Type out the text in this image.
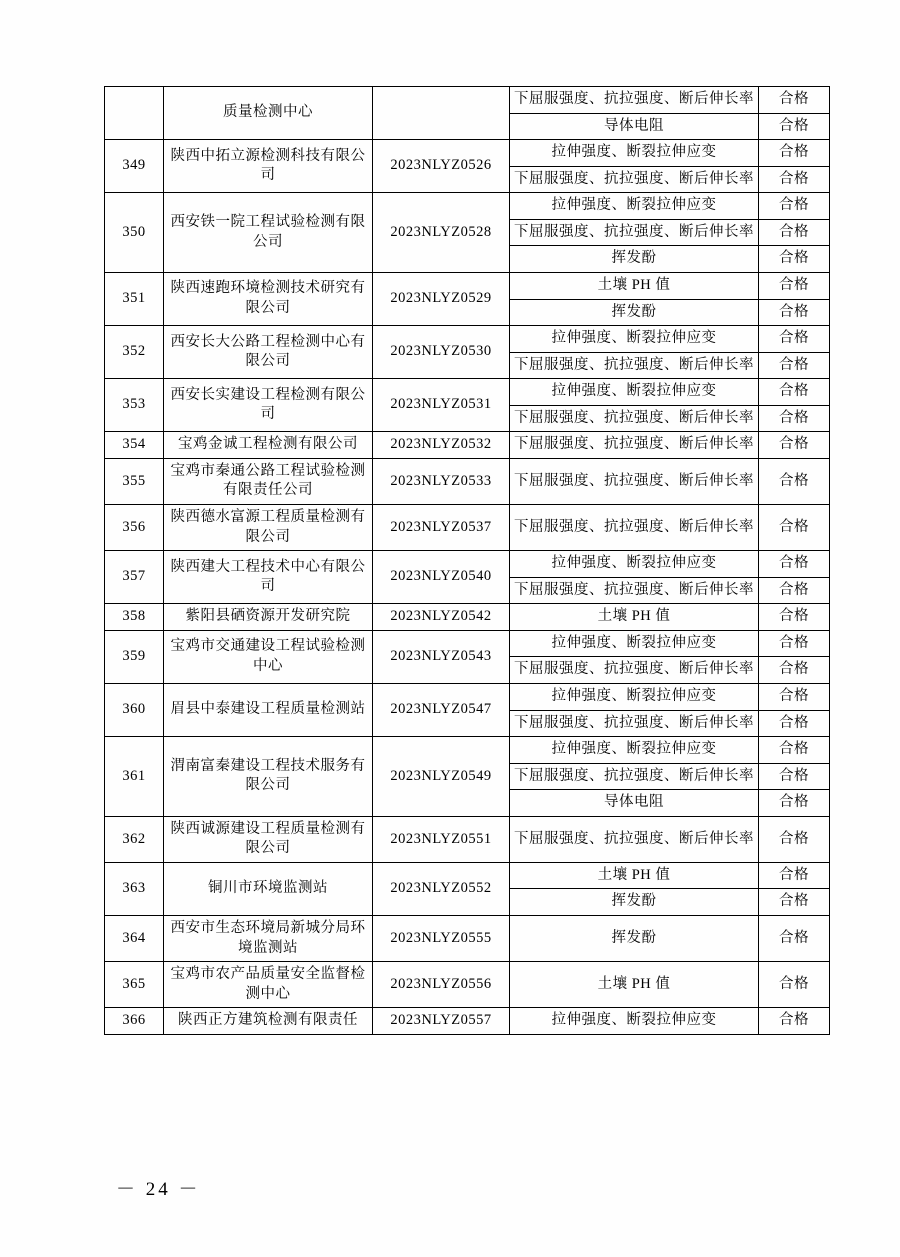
	质量检测中心		下屈服强度、抗拉强度、断后伸长率	合格
			导体电阻	合格
349	陕西中拓立源检测科技有限公司	2023NLYZ0526	拉伸强度、断裂拉伸应变	合格
			下屈服强度、抗拉强度、断后伸长率	合格
350	西安铁一院工程试验检测有限公司	2023NLYZ0528	拉伸强度、断裂拉伸应变	合格
			下屈服强度、抗拉强度、断后伸长率	合格
			挥发酚	合格
351	陕西速跑环境检测技术研究有限公司	2023NLYZ0529	土壤 PH 值	合格
			挥发酚	合格
352	西安长大公路工程检测中心有限公司	2023NLYZ0530	拉伸强度、断裂拉伸应变	合格
			下屈服强度、抗拉强度、断后伸长率	合格
353	西安长实建设工程检测有限公司	2023NLYZ0531	拉伸强度、断裂拉伸应变	合格
			下屈服强度、抗拉强度、断后伸长率	合格
354	宝鸡金诚工程检测有限公司	2023NLYZ0532	下屈服强度、抗拉强度、断后伸长率	合格
355	宝鸡市秦通公路工程试验检测有限责任公司	2023NLYZ0533	下屈服强度、抗拉强度、断后伸长率	合格
356	陕西德水富源工程质量检测有限公司	2023NLYZ0537	下屈服强度、抗拉强度、断后伸长率	合格
357	陕西建大工程技术中心有限公司	2023NLYZ0540	拉伸强度、断裂拉伸应变	合格
			下屈服强度、抗拉强度、断后伸长率	合格
358	紫阳县硒资源开发研究院	2023NLYZ0542	土壤 PH 值	合格
359	宝鸡市交通建设工程试验检测中心	2023NLYZ0543	拉伸强度、断裂拉伸应变	合格
			下屈服强度、抗拉强度、断后伸长率	合格
360	眉县中泰建设工程质量检测站	2023NLYZ0547	拉伸强度、断裂拉伸应变	合格
			下屈服强度、抗拉强度、断后伸长率	合格
361	渭南富秦建设工程技术服务有限公司	2023NLYZ0549	拉伸强度、断裂拉伸应变	合格
			下屈服强度、抗拉强度、断后伸长率	合格
			导体电阻	合格
362	陕西诚源建设工程质量检测有限公司	2023NLYZ0551	下屈服强度、抗拉强度、断后伸长率	合格
363	铜川市环境监测站	2023NLYZ0552	土壤 PH 值	合格
			挥发酚	合格
364	西安市生态环境局新城分局环境监测站	2023NLYZ0555	挥发酚	合格
365	宝鸡市农产品质量安全监督检测中心	2023NLYZ0556	土壤 PH 值	合格
366	陕西正方建筑检测有限责任	2023NLYZ0557	拉伸强度、断裂拉伸应变	合格
－ 24 －
